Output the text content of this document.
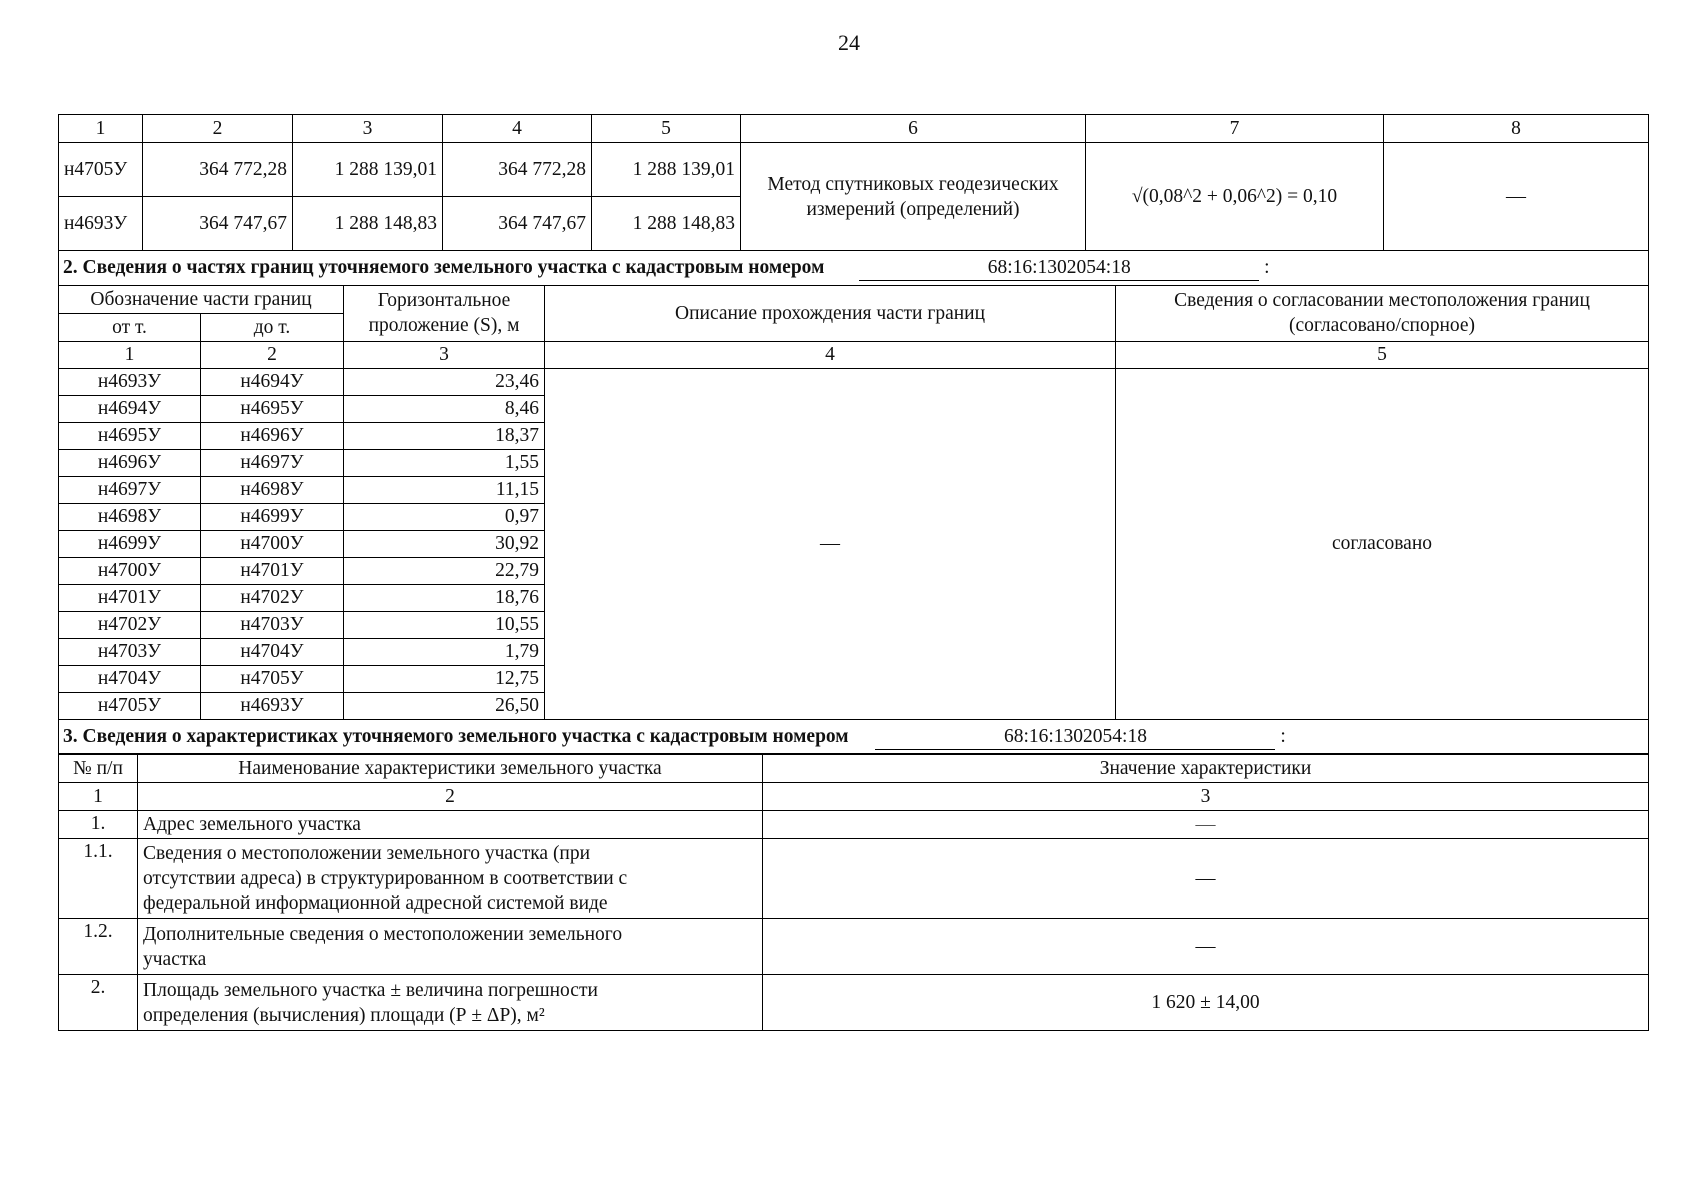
24
1	2	3	4	5	6	7	8
н4705У	364 772,28	1 288 139,01	364 772,28	1 288 139,01	Метод спутниковых геодезических измерений (определений)	√(0,08^2 + 0,06^2) = 0,10	—
н4693У	364 747,67	1 288 148,83	364 747,67	1 288 148,83			
2. Сведения о частях границ уточняемого земельного участка с кадастровым номером 68:16:1302054:18 :							
Обозначение части границ		Горизонтальное проложение (S), м	Описание прохождения части границ	Сведения о согласовании местоположения границ (согласовано/спорное)
от т.	до т.			
1	2	3	4	5
н4693У	н4694У	23,46	—	согласовано
н4694У	н4695У	8,46		
н4695У	н4696У	18,37		
н4696У	н4697У	1,55		
н4697У	н4698У	11,15		
н4698У	н4699У	0,97		
н4699У	н4700У	30,92		
н4700У	н4701У	22,79		
н4701У	н4702У	18,76		
н4702У	н4703У	10,55		
н4703У	н4704У	1,79		
н4704У	н4705У	12,75		
н4705У	н4693У	26,50		
3. Сведения о характеристиках уточняемого земельного участка с кадастровым номером 68:16:1302054:18 :				
№ п/п	Наименование характеристики земельного участка	Значение характеристики
1	2	3
1.	Адрес земельного участка	—
1.1.	Сведения о местоположении земельного участка (при
отсутствии адреса) в структурированном в соответствии с
федеральной информационной адресной системой виде	—
1.2.	Дополнительные сведения о местоположении земельного
участка	—
2.	Площадь земельного участка ± величина погрешности
определения (вычисления) площади (Р ± ΔР), м²	1 620 ± 14,00
